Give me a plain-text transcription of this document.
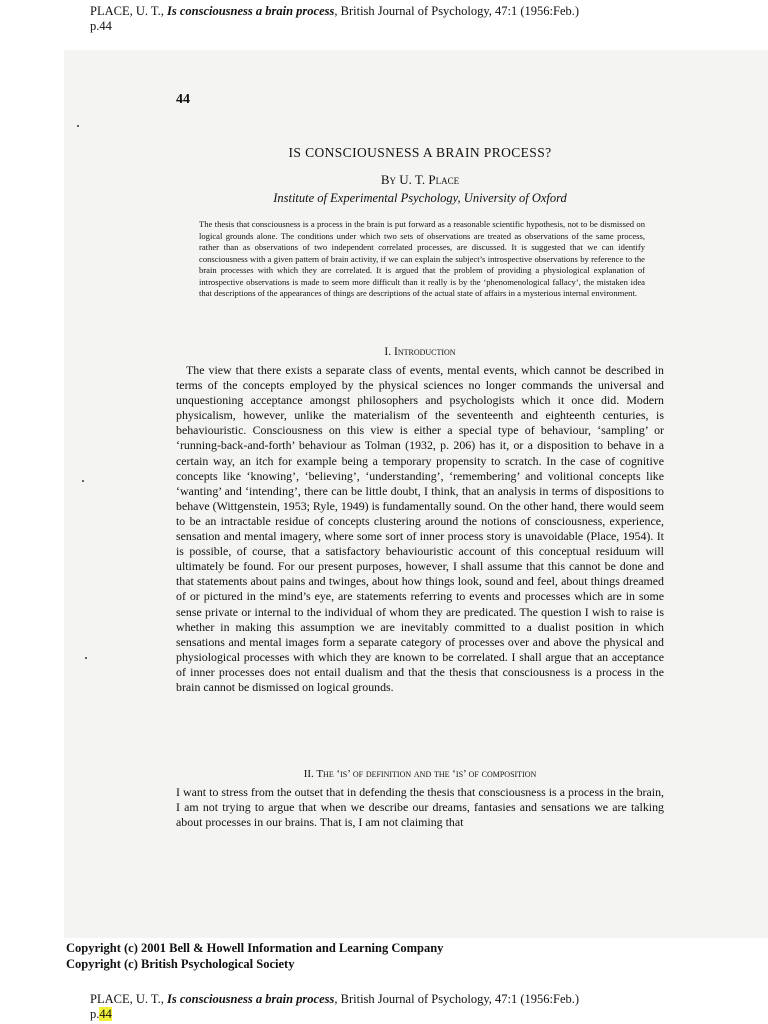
PLACE, U. T., Is consciousness a brain process, British Journal of Psychology, 47:1 (1956:Feb.)
p.44
44
IS CONSCIOUSNESS A BRAIN PROCESS?
By U. T. Place
Institute of Experimental Psychology, University of Oxford
The thesis that consciousness is a process in the brain is put forward as a reasonable scientific hypothesis, not to be dismissed on logical grounds alone. The conditions under which two sets of observations are treated as observations of the same process, rather than as observations of two independent correlated processes, are discussed. It is suggested that we can identify consciousness with a given pattern of brain activity, if we can explain the subject’s introspective observations by reference to the brain processes with which they are correlated. It is argued that the problem of providing a physiological explanation of introspective observations is made to seem more difficult than it really is by the ‘phenomenological fallacy’, the mistaken idea that descriptions of the appearances of things are descriptions of the actual state of affairs in a mysterious internal environment.
I. Introduction
The view that there exists a separate class of events, mental events, which cannot be described in terms of the concepts employed by the physical sciences no longer commands the universal and unquestioning acceptance amongst philosophers and psychologists which it once did. Modern physicalism, however, unlike the materialism of the seventeenth and eighteenth centuries, is behaviouristic. Consciousness on this view is either a special type of behaviour, ‘sampling’ or ‘running-back-and-forth’ behaviour as Tolman (1932, p. 206) has it, or a disposition to behave in a certain way, an itch for example being a temporary propensity to scratch. In the case of cognitive concepts like ‘knowing’, ‘believing’, ‘understanding’, ‘remembering’ and volitional concepts like ‘wanting’ and ‘intending’, there can be little doubt, I think, that an analysis in terms of dispositions to behave (Wittgenstein, 1953; Ryle, 1949) is fundamentally sound. On the other hand, there would seem to be an intractable residue of concepts clustering around the notions of consciousness, experience, sensation and mental imagery, where some sort of inner process story is unavoidable (Place, 1954). It is possible, of course, that a satisfactory behaviouristic account of this conceptual residuum will ultimately be found. For our present purposes, however, I shall assume that this cannot be done and that statements about pains and twinges, about how things look, sound and feel, about things dreamed of or pictured in the mind’s eye, are statements referring to events and processes which are in some sense private or internal to the individual of whom they are predicated. The question I wish to raise is whether in making this assumption we are inevitably committed to a dualist position in which sensations and mental images form a separate category of processes over and above the physical and physiological processes with which they are known to be correlated. I shall argue that an acceptance of inner processes does not entail dualism and that the thesis that consciousness is a process in the brain cannot be dismissed on logical grounds.
II. The ‘is’ of definition and the ‘is’ of composition
I want to stress from the outset that in defending the thesis that consciousness is a process in the brain, I am not trying to argue that when we describe our dreams, fantasies and sensations we are talking about processes in our brains. That is, I am not claiming that
Copyright (c) 2001 Bell & Howell Information and Learning Company
Copyright (c) British Psychological Society
PLACE, U. T., Is consciousness a brain process, British Journal of Psychology, 47:1 (1956:Feb.)
p.44
